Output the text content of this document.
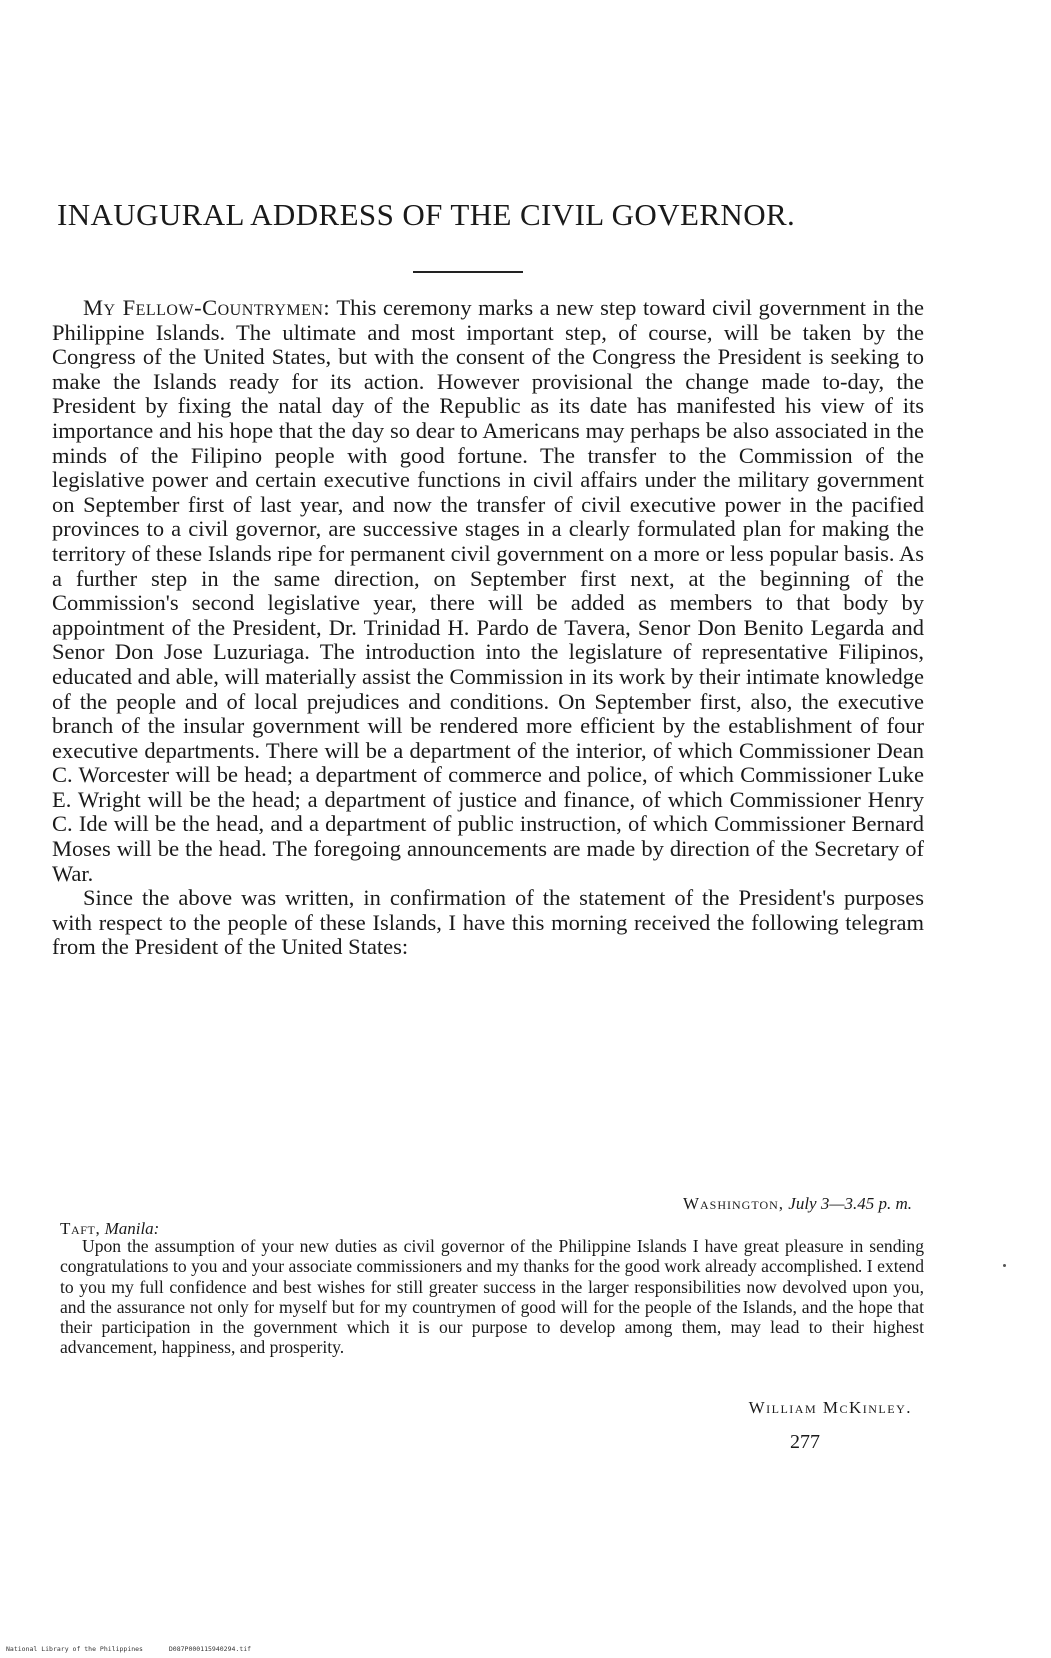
INAUGURAL ADDRESS OF THE CIVIL GOVERNOR.

My Fellow-Countrymen: This ceremony marks a new step toward civil government in the Philippine Islands. The ultimate and most important step, of course, will be taken by the Congress of the United States, but with the consent of the Congress the President is seeking to make the Islands ready for its action. However provisional the change made to-day, the President by fixing the natal day of the Republic as its date has manifested his view of its importance and his hope that the day so dear to Americans may perhaps be also associated in the minds of the Filipino people with good fortune. The transfer to the Commission of the legislative power and certain executive functions in civil affairs under the military government on September first of last year, and now the transfer of civil executive power in the pacified provinces to a civil governor, are successive stages in a clearly formulated plan for making the territory of these Islands ripe for permanent civil government on a more or less popular basis. As a further step in the same direction, on September first next, at the beginning of the Commission's second legislative year, there will be added as members to that body by appointment of the President, Dr. Trinidad H. Pardo de Tavera, Senor Don Benito Legarda and Senor Don Jose Luzuriaga. The introduction into the legislature of representative Filipinos, educated and able, will materially assist the Commission in its work by their intimate knowledge of the people and of local prejudices and conditions. On September first, also, the executive branch of the insular government will be rendered more efficient by the establishment of four executive departments. There will be a department of the interior, of which Commissioner Dean C. Worcester will be head; a department of commerce and police, of which Commissioner Luke E. Wright will be the head; a department of justice and finance, of which Commissioner Henry C. Ide will be the head, and a department of public instruction, of which Commissioner Bernard Moses will be the head. The foregoing announcements are made by direction of the Secretary of War.

Since the above was written, in confirmation of the statement of the President's purposes with respect to the people of these Islands, I have this morning received the following telegram from the President of the United States:

Washington, July 3—3.45 p. m.
Taft, Manila:

Upon the assumption of your new duties as civil governor of the Philippine Islands I have great pleasure in sending congratulations to you and your associate commissioners and my thanks for the good work already accomplished. I extend to you my full confidence and best wishes for still greater success in the larger responsibilities now devolved upon you, and the assurance not only for myself but for my countrymen of good will for the people of the Islands, and the hope that their participation in the government which it is our purpose to develop among them, may lead to their highest advancement, happiness, and prosperity.

William McKinley.
277
National Library of the Philippines	D087P000115940294.tif
